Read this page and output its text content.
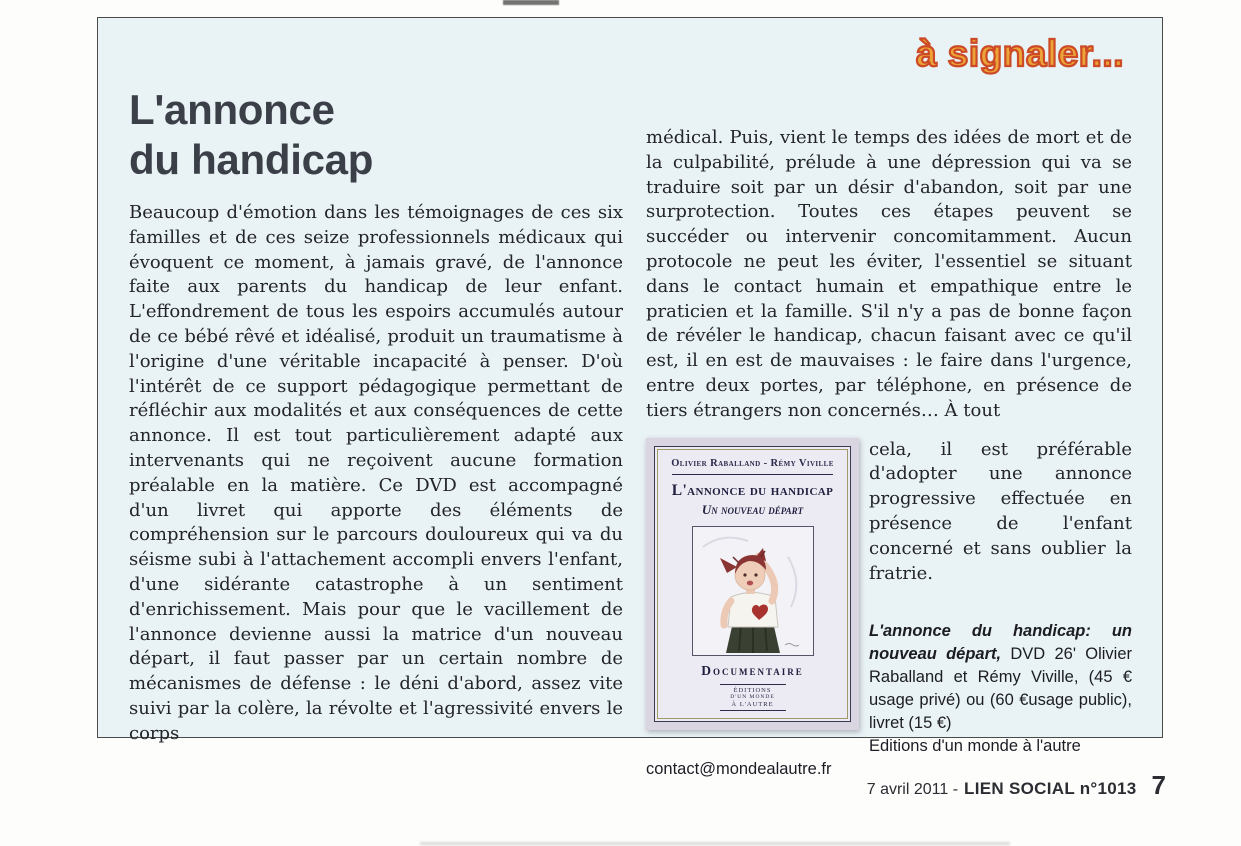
à signaler...
L'annonce
du handicap

Beaucoup d'émotion dans les témoignages de ces six familles et de ces seize professionnels médicaux qui évoquent ce moment, à jamais gravé, de l'annonce faite aux parents du handicap de leur enfant. L'effondrement de tous les espoirs accumulés autour de ce bébé rêvé et idéalisé, produit un traumatisme à l'origine d'une véritable incapacité à penser. D'où l'intérêt de ce support pédagogique permettant de réfléchir aux modalités et aux conséquences de cette annonce. Il est tout particulièrement adapté aux intervenants qui ne reçoivent aucune formation préalable en la matière. Ce DVD est accompagné d'un livret qui apporte des éléments de compréhension sur le parcours douloureux qui va du séisme subi à l'attachement accompli envers l'enfant, d'une sidérante catastrophe à un sentiment d'enrichissement. Mais pour que le vacillement de l'annonce devienne aussi la matrice d'un nouveau départ, il faut passer par un certain nombre de mécanismes de défense : le déni d'abord, assez vite suivi par la colère, la révolte et l'agressivité envers le corps

médical. Puis, vient le temps des idées de mort et de la culpabilité, prélude à une dépression qui va se traduire soit par un désir d'abandon, soit par une surprotection. Toutes ces étapes peuvent se succéder ou intervenir concomitamment. Aucun protocole ne peut les éviter, l'essentiel se situant dans le contact humain et empathique entre le praticien et la famille. S'il n'y a pas de bonne façon de révéler le handicap, chacun faisant avec ce qu'il est, il en est de mauvaises : le faire dans l'urgence, entre deux portes, par téléphone, en présence de tiers étrangers non concernés… À tout

Olivier Raballand - Rémy Viville
L'annonce du handicap
Un nouveau départ
Documentaire
ÉDITIONS
D'UN MONDE
À L'AUTRE

cela, il est préférable d'adopter une annonce progressive effectuée en présence de l'enfant concerné et sans oublier la fratrie.

L'annonce du handicap: un nouveau départ, DVD 26' Olivier Raballand et Rémy Viville, (45 € usage privé) ou (60 €usage public), livret (15 €)

Editions d'un monde à l'autre

contact@mondealautre.fr

7 avril 2011 - LIEN SOCIAL n°1013 7
